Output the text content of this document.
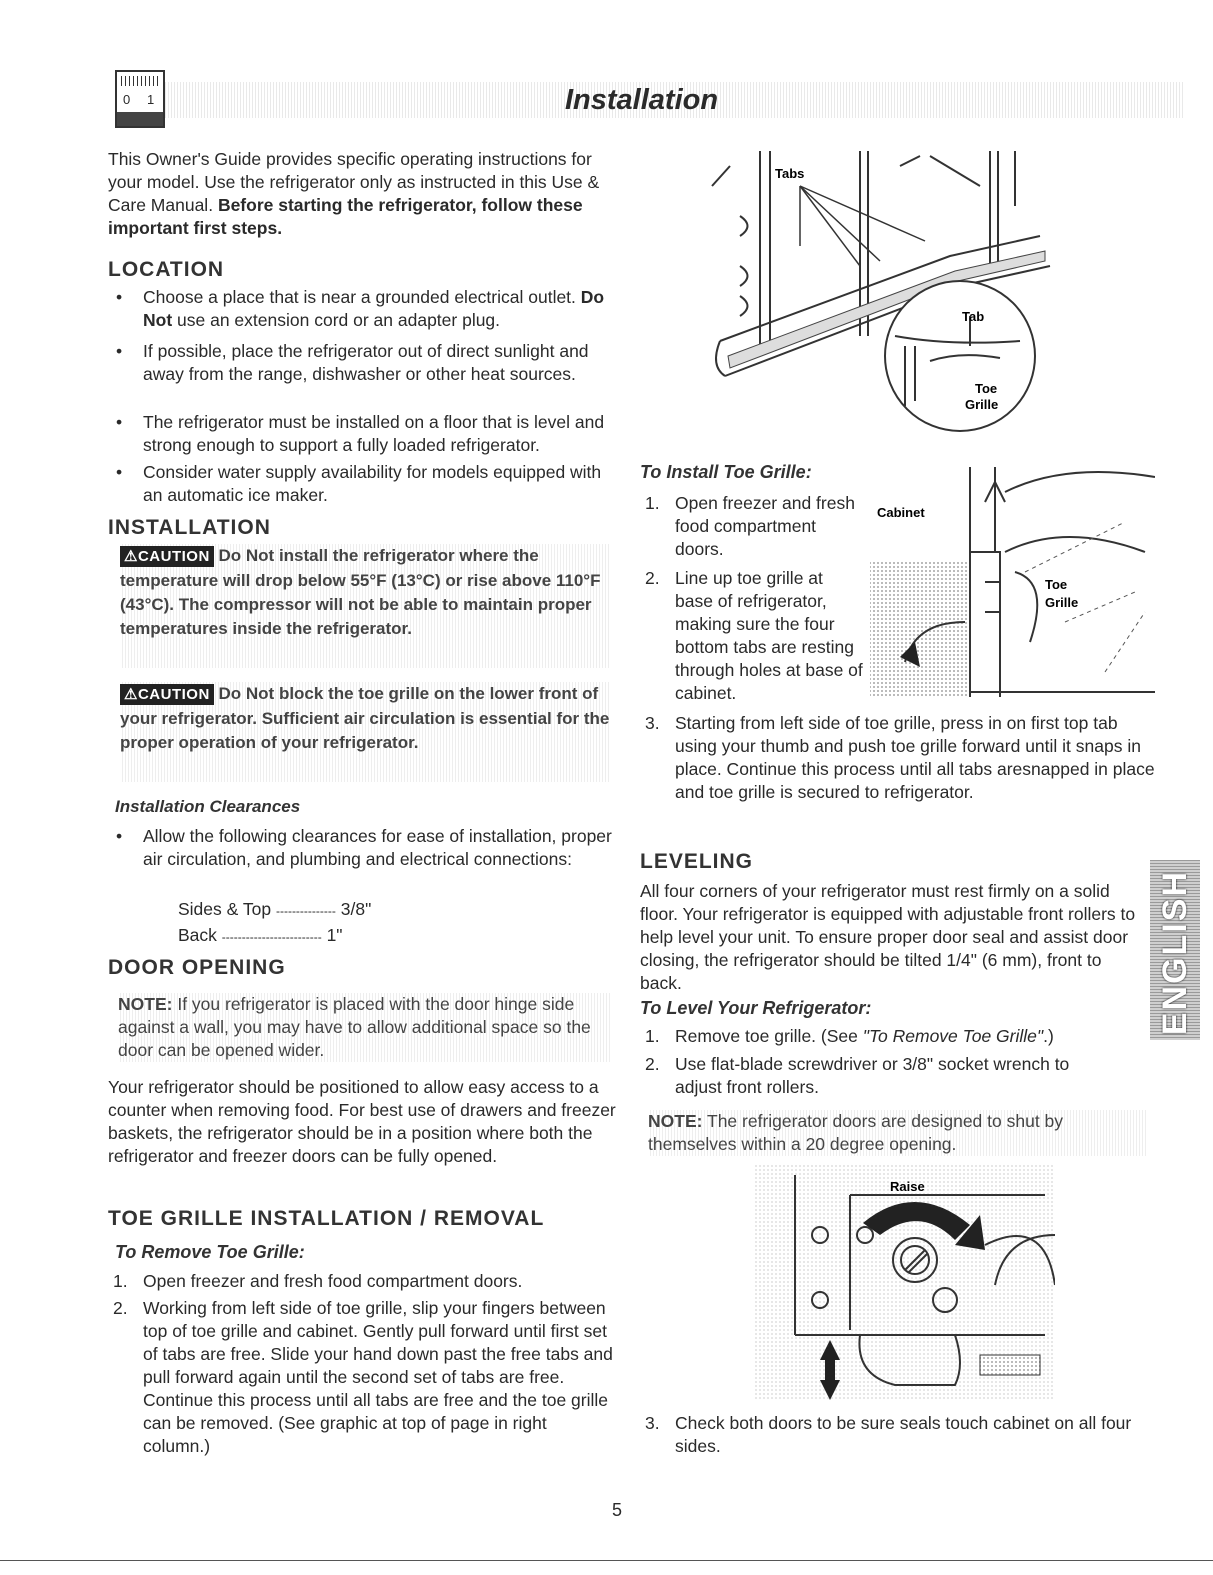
0 1	Installation
This Owner's Guide provides specific operating instructions for your model. Use the refrigerator only as instructed in this Use & Care Manual. Before starting the refrigerator, follow these important first steps.
LOCATION
• Choose a place that is near a grounded electrical outlet. Do Not use an extension cord or an adapter plug.
• If possible, place the refrigerator out of direct sunlight and away from the range, dishwasher or other heat sources.
• The refrigerator must be installed on a floor that is level and strong enough to support a fully loaded refrigerator.
• Consider water supply availability for models equipped with an automatic ice maker.
INSTALLATION
⚠CAUTION Do Not install the refrigerator where the temperature will drop below 55°F (13°C) or rise above 110°F (43°C). The compressor will not be able to maintain proper temperatures inside the refrigerator.
⚠CAUTION Do Not block the toe grille on the lower front of your refrigerator. Sufficient air circulation is essential for the proper operation of your refrigerator.
Installation Clearances
• Allow the following clearances for ease of installation, proper air circulation, and plumbing and electrical connections:
Sides & Top --------------- 3/8"
Back ------------------------- 1"
DOOR OPENING
NOTE: If you refrigerator is placed with the door hinge side against a wall, you may have to allow additional space so the door can be opened wider.
Your refrigerator should be positioned to allow easy access to a counter when removing food. For best use of drawers and freezer baskets, the refrigerator should be in a position where both the refrigerator and freezer doors can be fully opened.
TOE GRILLE INSTALLATION / REMOVAL
To Remove Toe Grille:
1. Open freezer and fresh food compartment doors.
2. Working from left side of toe grille, slip your fingers between top of toe grille and cabinet. Gently pull forward until first set of tabs are free. Slide your hand down past the free tabs and pull forward again until the second set of tabs are free. Continue this process until all tabs are free and the toe grille can be removed. (See graphic at top of page in right column.)
Tabs
Tab
Toe
Grille
To Install Toe Grille:
1. Open freezer and fresh food compartment doors.
2. Line up toe grille at base of refrigerator, making sure the four bottom tabs are resting through holes at base of cabinet.
3. Starting from left side of toe grille, press in on first top tab using your thumb and push toe grille forward until it snaps in place. Continue this process until all tabs aresnapped in place and toe grille is secured to refrigerator.
Cabinet
Toe
Grille
LEVELING
All four corners of your refrigerator must rest firmly on a solid floor. Your refrigerator is equipped with adjustable front rollers to help level your unit. To ensure proper door seal and assist door closing, the refrigerator should be tilted 1/4" (6 mm), front to back.
To Level Your Refrigerator:
1. Remove toe grille. (See "To Remove Toe Grille".)
2. Use flat-blade screwdriver or 3/8" socket wrench to adjust front rollers.
NOTE: The refrigerator doors are designed to shut by themselves within a 20 degree opening.
Raise
3. Check both doors to be sure seals touch cabinet on all four sides.
ENGLISH
5
